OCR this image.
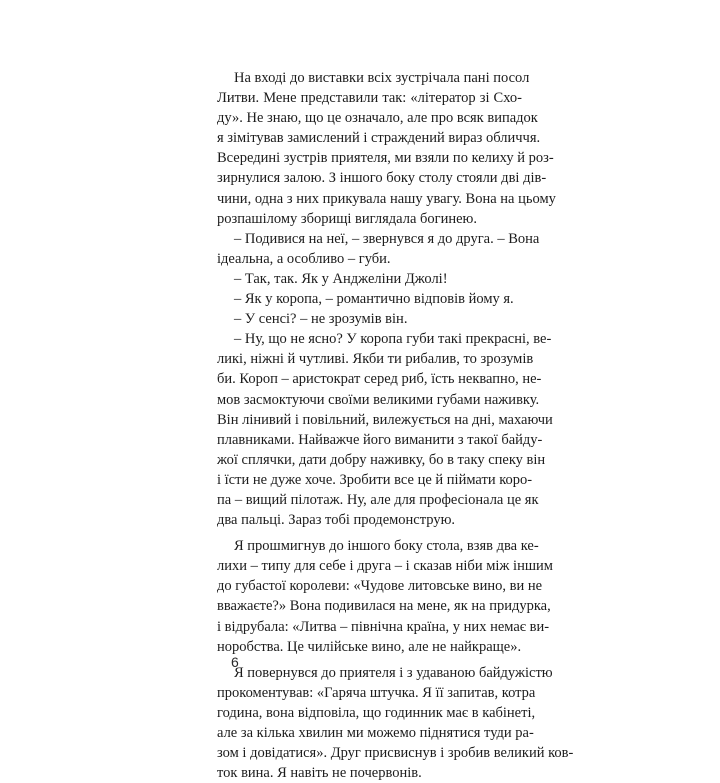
На вході до виставки всіх зустрічала пані посол
Литви. Мене представили так: «літератор зі Схо-
ду». Не знаю, що це означало, але про всяк випадок
я зімітував замислений і страждений вираз обличчя.
Всередині зустрів приятеля, ми взяли по келиху й роз-
зирнулися залою. З іншого боку столу стояли дві дів-
чини, одна з них прикувала нашу увагу. Вона на цьому
розпашілому зборищі виглядала богинею.

– Подивися на неї, – звернувся я до друга. – Вона
ідеальна, а особливо – губи.

– Так, так. Як у Анджеліни Джолі!

– Як у коропа, – романтично відповів йому я.

– У сенсі? – не зрозумів він.

– Ну, що не ясно? У коропа губи такі прекрасні, ве-
ликі, ніжні й чутливі. Якби ти рибалив, то зрозумів
би. Короп – аристократ серед риб, їсть неквапно, не-
мов засмоктуючи своїми великими губами наживку.
Він лінивий і повільний, вилежується на дні, махаючи
плавниками. Найважче його виманити з такої байду-
жої сплячки, дати добру наживку, бо в таку спеку він
і їсти не дуже хоче. Зробити все це й піймати коро-
па – вищий пілотаж. Ну, але для професіонала це як
два пальці. Зараз тобі продемонструю.

Я прошмигнув до іншого боку стола, взяв два ке-
лихи – типу для себе і друга – і сказав ніби між іншим
до губастої королеви: «Чудове литовське вино, ви не
вважаєте?» Вона подивилася на мене, як на придурка,
і відрубала: «Литва – північна країна, у них немає ви-
норобства. Це чилійське вино, але не найкраще».

Я повернувся до приятеля і з удаваною байдужістю
прокоментував: «Гаряча штучка. Я її запитав, котра
година, вона відповіла, що годинник має в кабінеті,
але за кілька хвилин ми можемо піднятися туди ра-
зом і довідатися». Друг присвиснув і зробив великий ков-
ток вина. Я навіть не почервонів.

6
